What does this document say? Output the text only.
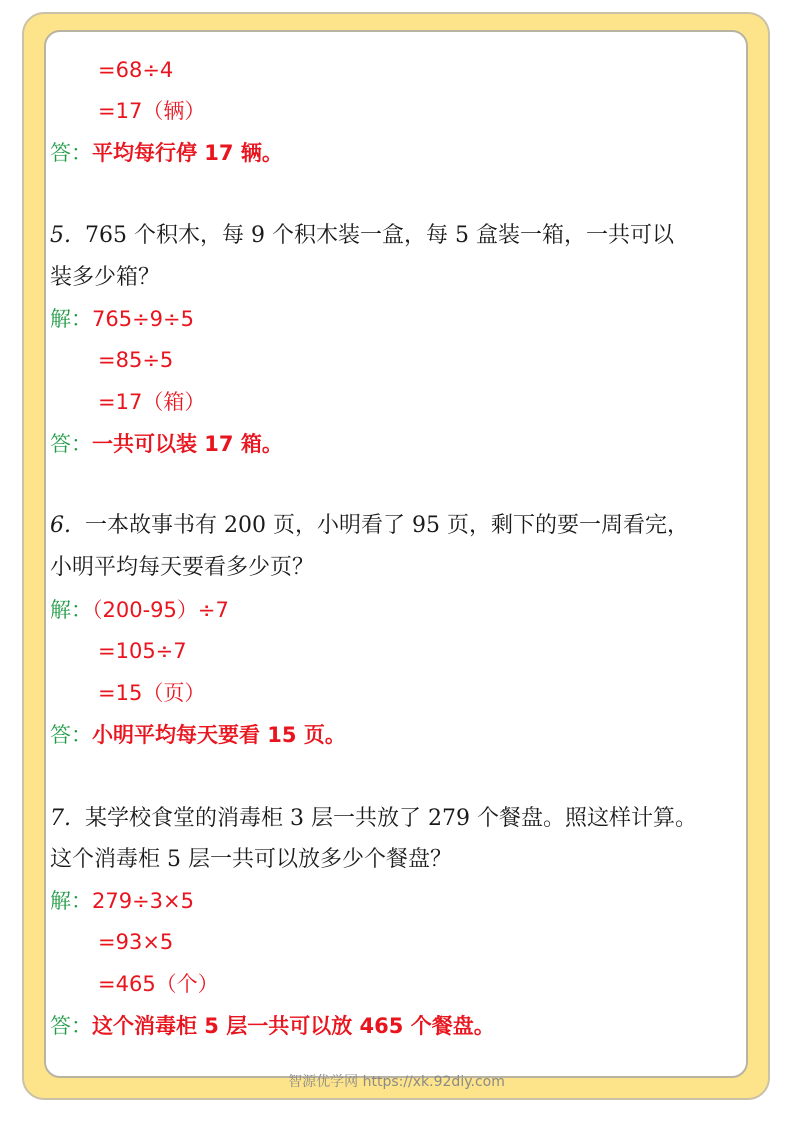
=68÷4
=17（辆）
答：平均每行停 17 辆。
5. 765 个积木，每 9 个积木装一盒，每 5 盒装一箱，一共可以
装多少箱？
解：765÷9÷5
=85÷5
=17（箱）
答：一共可以装 17 箱。
6. 一本故事书有 200 页，小明看了 95 页，剩下的要一周看完，
小明平均每天要看多少页？
解：（200-95）÷7
=105÷7
=15（页）
答：小明平均每天要看 15 页。
7. 某学校食堂的消毒柜 3 层一共放了 279 个餐盘。照这样计算。
这个消毒柜 5 层一共可以放多少个餐盘？
解：279÷3×5
=93×5
=465（个）
答：这个消毒柜 5 层一共可以放 465 个餐盘。
智源优学网 https://xk.92diy.com
